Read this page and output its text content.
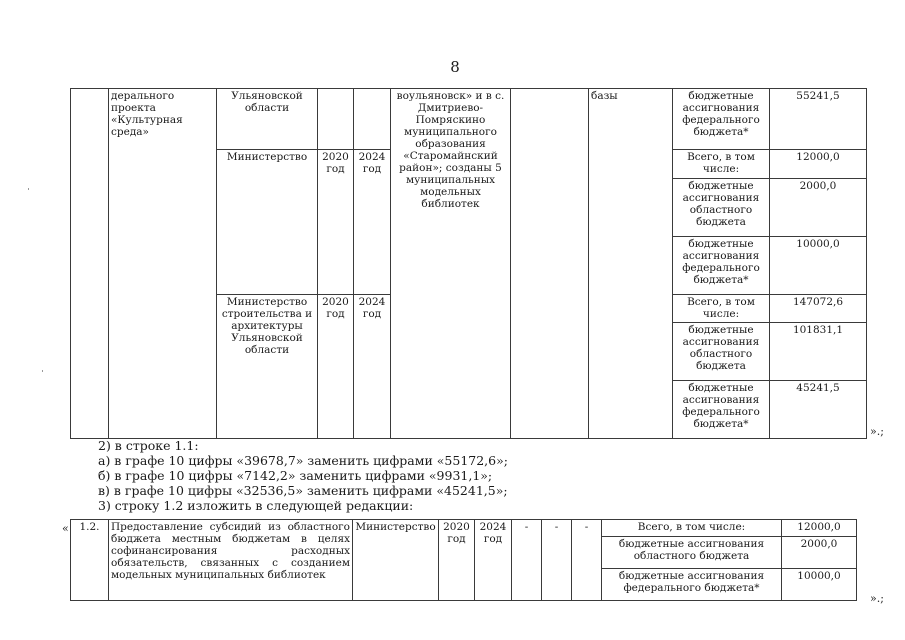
8
	дерального проекта «Культурная среда»	Ульяновской области			воульяновск» и в с. Дмитриево-Помряскино муниципального образования «Старомайнский район»; созданы 5 муниципальных модельных библиотек		базы	бюджетные ассигнования федерального бюджета*	55241,5
		Министерство	2020 год	2024 год				Всего, в том числе:	12000,0
								бюджетные ассигнования областного бюджета	2000,0
								бюджетные ассигнования федерального бюджета*	10000,0
		Министерство строительства и архитектуры Ульяновской области	2020 год	2024 год				Всего, в том числе:	147072,6
								бюджетные ассигнования областного бюджета	101831,1
								бюджетные ассигнования федерального бюджета*	45241,5
».;
2) в строке 1.1:
а) в графе 10 цифры «39678,7» заменить цифрами «55172,6»;
б) в графе 10 цифры «7142,2» заменить цифрами «9931,1»;
в) в графе 10 цифры «32536,5» заменить цифрами «45241,5»;
3) строку 1.2 изложить в следующей редакции:
« 1.2.	Предоставление субсидий из областного бюджета местным бюджетам в целях софинансирования расходных обязательств, связанных с созданием модельных муниципальных библиотек	Министерство	2020 год	2024 год	-	-	-	Всего, в том числе:	12000,0
								бюджетные ассигнования областного бюджета	2000,0
								бюджетные ассигнования федерального бюджета*	10000,0
».;
